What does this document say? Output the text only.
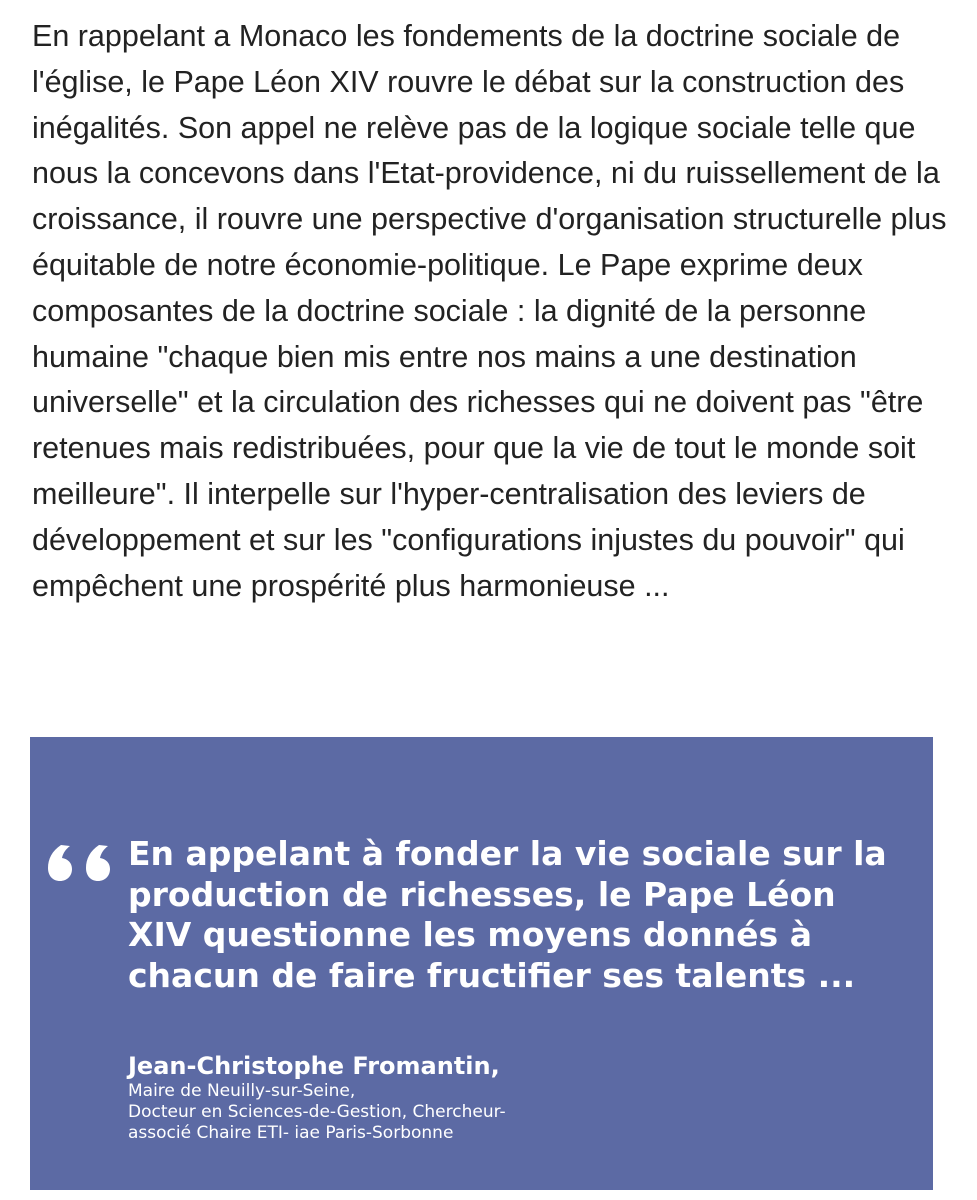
En rappelant a Monaco les fondements de la doctrine sociale de l'église, le Pape Léon XIV rouvre le débat sur la construction des inégalités. Son appel ne relève pas de la logique sociale telle que nous la concevons dans l'Etat-providence, ni du ruissellement de la croissance, il rouvre une perspective d'organisation structurelle plus équitable de notre économie-politique. Le Pape exprime deux composantes de la doctrine sociale : la dignité de la personne humaine "chaque bien mis entre nos mains a une destination universelle" et la circulation des richesses qui ne doivent pas "être retenues mais redistribuées, pour que la vie de tout le monde soit meilleure". Il interpelle sur l'hyper-centralisation des leviers de développement et sur les "configurations injustes du pouvoir" qui empêchent une prospérité plus harmonieuse ...

En appelant à fonder la vie sociale sur la production de richesses, le Pape Léon XIV questionne les moyens donnés à chacun de faire fructifier ses talents ...

Jean-Christophe Fromantin,
Maire de Neuilly-sur-Seine,
Docteur en Sciences-de-Gestion, Chercheur-
associé Chaire ETI- iae Paris-Sorbonne
